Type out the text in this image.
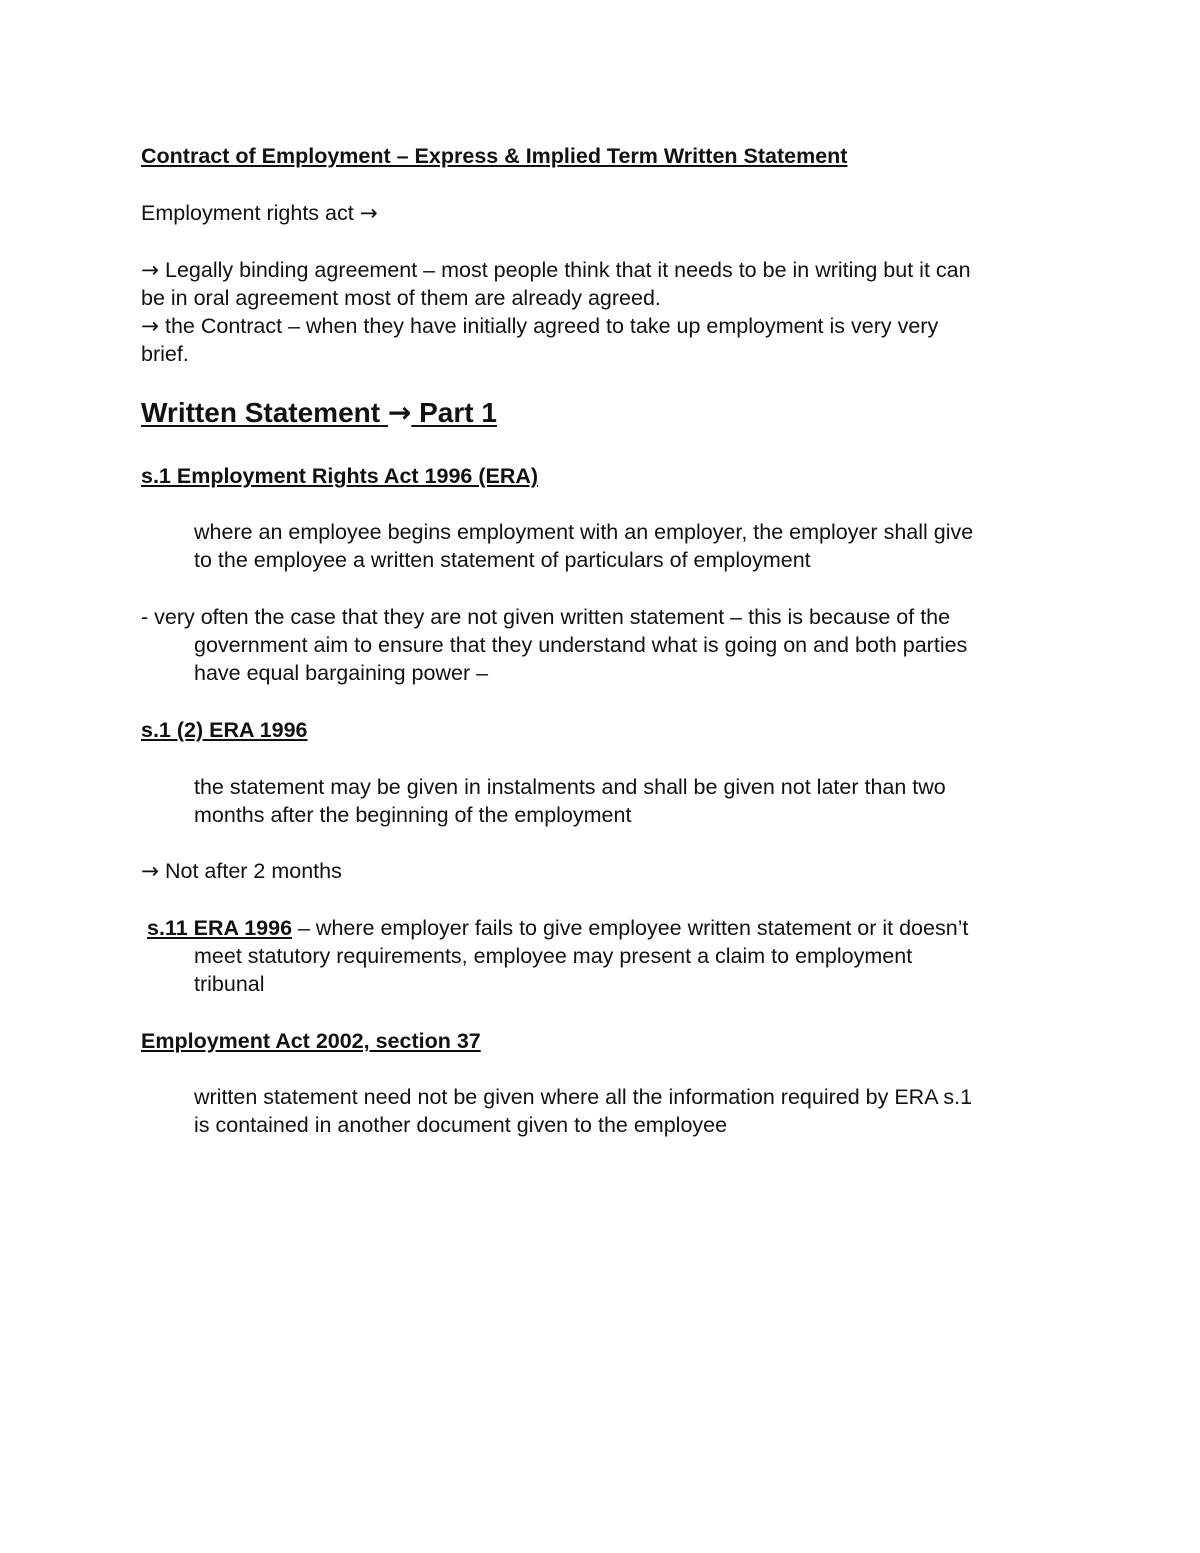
Contract of Employment – Express & Implied Term Written Statement

Employment rights act →

→ Legally binding agreement – most people think that it needs to be in writing but it can

be in oral agreement most of them are already agreed.

→ the Contract – when they have initially agreed to take up employment is very very

brief.

Written Statement → Part 1

s.1 Employment Rights Act 1996 (ERA)

where an employee begins employment with an employer, the employer shall give

to the employee a written statement of particulars of employment

- very often the case that they are not given written statement – this is because of the

government aim to ensure that they understand what is going on and both parties

have equal bargaining power –

s.1 (2) ERA 1996

the statement may be given in instalments and shall be given not later than two

months after the beginning of the employment

→ Not after 2 months

s.11 ERA 1996 – where employer fails to give employee written statement or it doesn’t

meet statutory requirements, employee may present a claim to employment

tribunal

Employment Act 2002, section 37

written statement need not be given where all the information required by ERA s.1

is contained in another document given to the employee
